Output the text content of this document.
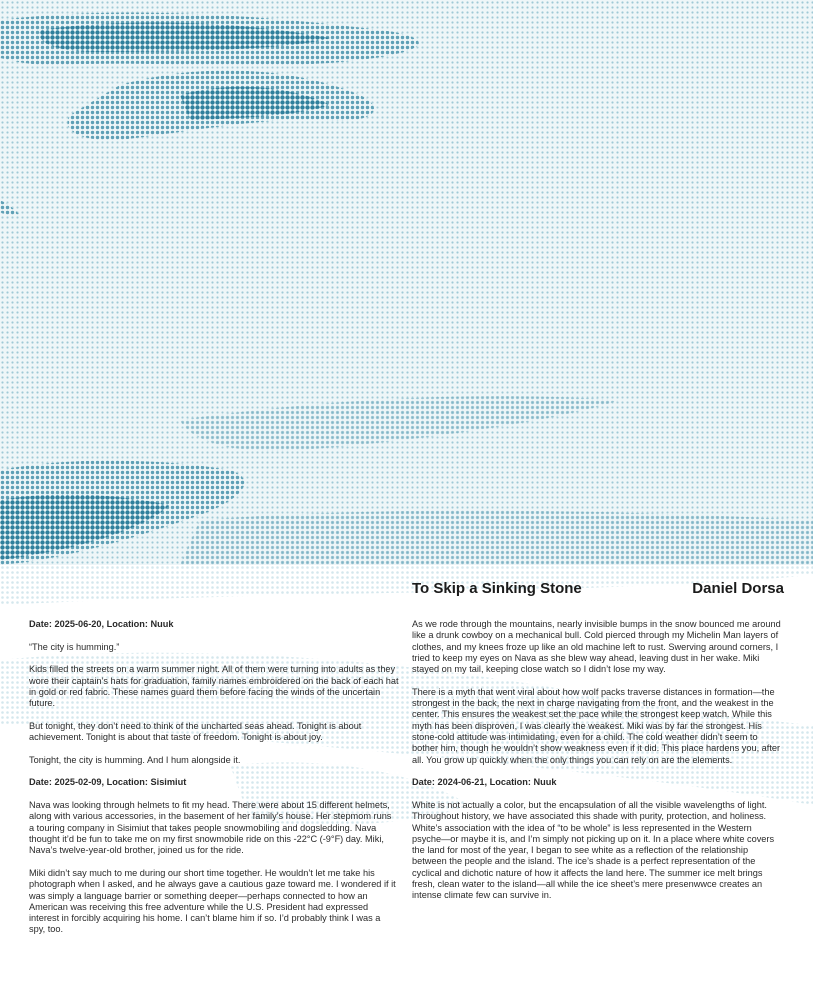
To Skip a Sinking Stone	Daniel Dorsa

Date: 2025-06-20, Location: Nuuk

“The city is humming.”

Kids filled the streets on a warm summer night. All of them were turning into adults as they wore their captain’s hats for graduation, family names embroidered on the back of each hat in gold or red fabric. These names guard them before facing the winds of the uncertain future.

But tonight, they don’t need to think of the uncharted seas ahead. Tonight is about achievement. Tonight is about that taste of freedom. Tonight is about joy.

Tonight, the city is humming. And I hum alongside it.

Date: 2025-02-09, Location: Sisimiut

Nava was looking through helmets to fit my head. There were about 15 different helmets, along with various accessories, in the basement of her family’s house. Her stepmom runs a touring company in Sisimiut that takes people snowmobiling and dogsledding. Nava thought it’d be fun to take me on my first snowmobile ride on this -22°C (-9°F) day. Miki, Nava’s twelve-year-old brother, joined us for the ride.

Miki didn’t say much to me during our short time together. He wouldn’t let me take his photograph when I asked, and he always gave a cautious gaze toward me. I wondered if it was simply a language barrier or something deeper—perhaps connected to how an American was receiving this free adventure while the U.S. President had expressed interest in forcibly acquiring his home. I can’t blame him if so. I’d probably think I was a spy, too.

As we rode through the mountains, nearly invisible bumps in the snow bounced me around like a drunk cowboy on a mechanical bull. Cold pierced through my Michelin Man layers of clothes, and my knees froze up like an old machine left to rust. Swerving around corners, I tried to keep my eyes on Nava as she blew way ahead, leaving dust in her wake. Miki stayed on my tail, keeping close watch so I didn’t lose my way.

There is a myth that went viral about how wolf packs traverse distances in formation—the strongest in the back, the next in charge navigating from the front, and the weakest in the center. This ensures the weakest set the pace while the strongest keep watch. While this myth has been disproven, I was clearly the weakest. Miki was by far the strongest. His stone-cold attitude was intimidating, even for a child. The cold weather didn’t seem to bother him, though he wouldn’t show weakness even if it did. This place hardens you, after all. You grow up quickly when the only things you can rely on are the elements.

Date: 2024-06-21, Location: Nuuk

White is not actually a color, but the encapsulation of all the visible wavelengths of light. Throughout history, we have associated this shade with purity, protection, and holiness. White’s association with the idea of “to be whole” is less represented in the Western psyche—or maybe it is, and I’m simply not picking up on it. In a place where white covers the land for most of the year, I began to see white as a reflection of the relationship between the people and the island. The ice’s shade is a perfect representation of the cyclical and dichotic nature of how it affects the land here. The summer ice melt brings fresh, clean water to the island—all while the ice sheet’s mere presenwwce creates an intense climate few can survive in.
